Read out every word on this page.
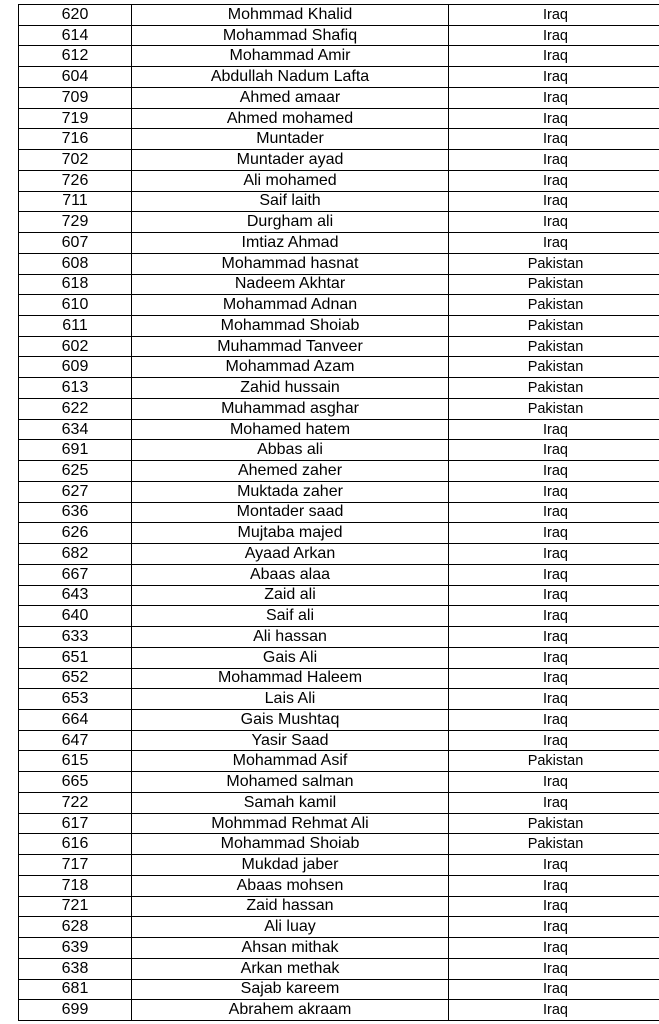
620	Mohmmad Khalid	Iraq
614	Mohammad Shafiq	Iraq
612	Mohammad Amir	Iraq
604	Abdullah Nadum Lafta	Iraq
709	Ahmed amaar	Iraq
719	Ahmed mohamed	Iraq
716	Muntader	Iraq
702	Muntader ayad	Iraq
726	Ali mohamed	Iraq
711	Saif laith	Iraq
729	Durgham ali	Iraq
607	Imtiaz Ahmad	Iraq
608	Mohammad hasnat	Pakistan
618	Nadeem Akhtar	Pakistan
610	Mohammad Adnan	Pakistan
611	Mohammad Shoiab	Pakistan
602	Muhammad Tanveer	Pakistan
609	Mohammad Azam	Pakistan
613	Zahid hussain	Pakistan
622	Muhammad asghar	Pakistan
634	Mohamed hatem	Iraq
691	Abbas ali	Iraq
625	Ahemed zaher	Iraq
627	Muktada zaher	Iraq
636	Montader saad	Iraq
626	Mujtaba majed	Iraq
682	Ayaad Arkan	Iraq
667	Abaas alaa	Iraq
643	Zaid ali	Iraq
640	Saif ali	Iraq
633	Ali hassan	Iraq
651	Gais Ali	Iraq
652	Mohammad Haleem	Iraq
653	Lais Ali	Iraq
664	Gais Mushtaq	Iraq
647	Yasir Saad	Iraq
615	Mohammad Asif	Pakistan
665	Mohamed salman	Iraq
722	Samah kamil	Iraq
617	Mohmmad Rehmat Ali	Pakistan
616	Mohammad Shoiab	Pakistan
717	Mukdad jaber	Iraq
718	Abaas mohsen	Iraq
721	Zaid hassan	Iraq
628	Ali luay	Iraq
639	Ahsan mithak	Iraq
638	Arkan methak	Iraq
681	Sajab kareem	Iraq
699	Abrahem akraam	Iraq
